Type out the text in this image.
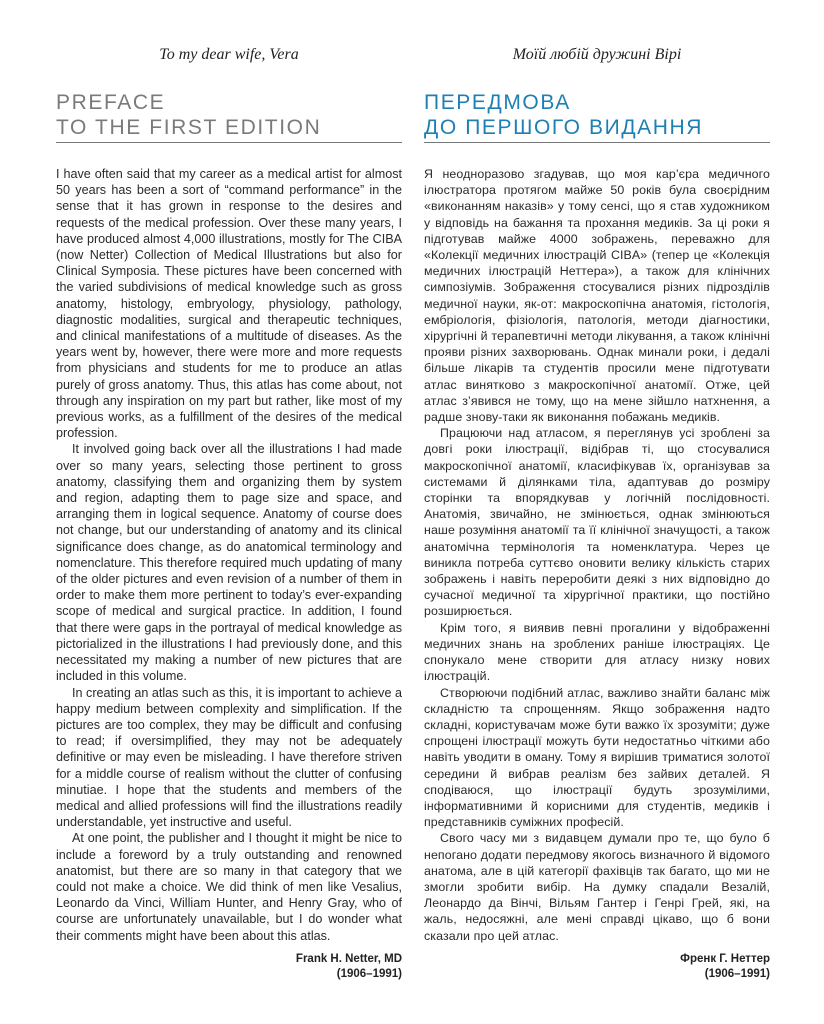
To my dear wife, Vera
PREFACE
TO THE FIRST EDITION

I have often said that my career as a medical artist for almost 50 years has been a sort of “command performance” in the sense that it has grown in response to the desires and requests of the medical profession. Over these many years, I have produced almost 4,000 illustrations, mostly for The CIBA (now Netter) Collection of Medical Illustrations but also for Clinical Symposia. These pictures have been concerned with the varied subdivisions of medical knowledge such as gross anatomy, histology, embryology, physiology, pathology, diagnostic modalities, surgical and therapeutic techniques, and clinical manifestations of a multitude of diseases. As the years went by, however, there were more and more requests from physicians and students for me to produce an atlas purely of gross anatomy. Thus, this atlas has come about, not through any inspiration on my part but rather, like most of my previous works, as a fulfillment of the desires of the medical profession.

It involved going back over all the illustrations I had made over so many years, selecting those pertinent to gross anatomy, classifying them and organizing them by system and region, adapting them to page size and space, and arranging them in logical sequence. Anatomy of course does not change, but our understanding of anatomy and its clinical significance does change, as do anatomical terminology and nomenclature. This therefore required much updating of many of the older pictures and even revision of a number of them in order to make them more pertinent to today’s ever-expanding scope of medical and surgical practice. In addition, I found that there were gaps in the portrayal of medical knowledge as pictorialized in the illustrations I had previously done, and this necessitated my making a number of new pictures that are included in this volume.

In creating an atlas such as this, it is important to achieve a happy medium between complexity and simplification. If the pictures are too complex, they may be difficult and confusing to read; if oversimplified, they may not be adequately definitive or may even be misleading. I have therefore striven for a middle course of realism without the clutter of confusing minutiae. I hope that the students and members of the medical and allied professions will find the illustrations readily understandable, yet instructive and useful.

At one point, the publisher and I thought it might be nice to include a foreword by a truly outstanding and renowned anatomist, but there are so many in that category that we could not make a choice. We did think of men like Vesalius, Leonardo da Vinci, William Hunter, and Henry Gray, who of course are unfortunately unavailable, but I do wonder what their comments might have been about this atlas.

Frank H. Netter, MD
(1906–1991)
Моїй любій дружині Вірі
ПЕРЕДМОВА
ДО ПЕРШОГО ВИДАННЯ

Я неодноразово згадував, що моя кар’єра медичного ілюстратора протягом майже 50 років була своєрідним «виконанням наказів» у тому сенсі, що я став художником у відповідь на бажання та прохання медиків. За ці роки я підготував майже 4000 зображень, переважно для «Колекції медичних ілюстрацій CIBA» (тепер це «Колекція медичних ілюстрацій Неттера»), а також для клінічних симпозіумів. Зображення стосувалися різних підрозділів медичної науки, як-от: макроскопічна анатомія, гістологія, ембріологія, фізіологія, патологія, методи діагностики, хірургічні й терапевтичні методи лікування, а також клінічні прояви різних захворювань. Однак минали роки, і дедалі більше лікарів та студентів просили мене підготувати атлас винятково з макроскопічної анатомії. Отже, цей атлас з’явився не тому, що на мене зійшло натхнення, а радше знову-таки як виконання побажань медиків.

Працюючи над атласом, я переглянув усі зроблені за довгі роки ілюстрації, відібрав ті, що стосувалися макроскопічної анатомії, класифікував їх, організував за системами й ділянками тіла, адаптував до розміру сторінки та впорядкував у логічній послідовності. Анатомія, звичайно, не змінюється, однак змінюються наше розуміння анатомії та її клінічної значущості, а також анатомічна термінологія та номенклатура. Через це виникла потреба суттєво оновити велику кількість старих зображень і навіть переробити деякі з них відповідно до сучасної медичної та хірургічної практики, що постійно розширюється.

Крім того, я виявив певні прогалини у відображенні медичних знань на зроблених раніше ілюстраціях. Це спонукало мене створити для атласу низку нових ілюстрацій.

Створюючи подібний атлас, важливо знайти баланс між складністю та спрощенням. Якщо зображення надто складні, користувачам може бути важко їх зрозуміти; дуже спрощені ілюстрації можуть бути недостатньо чіткими або навіть уводити в оману. Тому я вирішив триматися золотої середини й вибрав реалізм без зайвих деталей. Я сподіваюся, що ілюстрації будуть зрозумілими, інформативними й корисними для студентів, медиків і представників суміжних професій.

Свого часу ми з видавцем думали про те, що було б непогано додати передмову якогось визначного й відомого анатома, але в цій категорії фахівців так багато, що ми не змогли зробити вибір. На думку спадали Везалій, Леонардо да Вінчі, Вільям Гантер і Генрі Грей, які, на жаль, недосяжні, але мені справді цікаво, що б вони сказали про цей атлас.

Френк Г. Неттер
(1906–1991)
